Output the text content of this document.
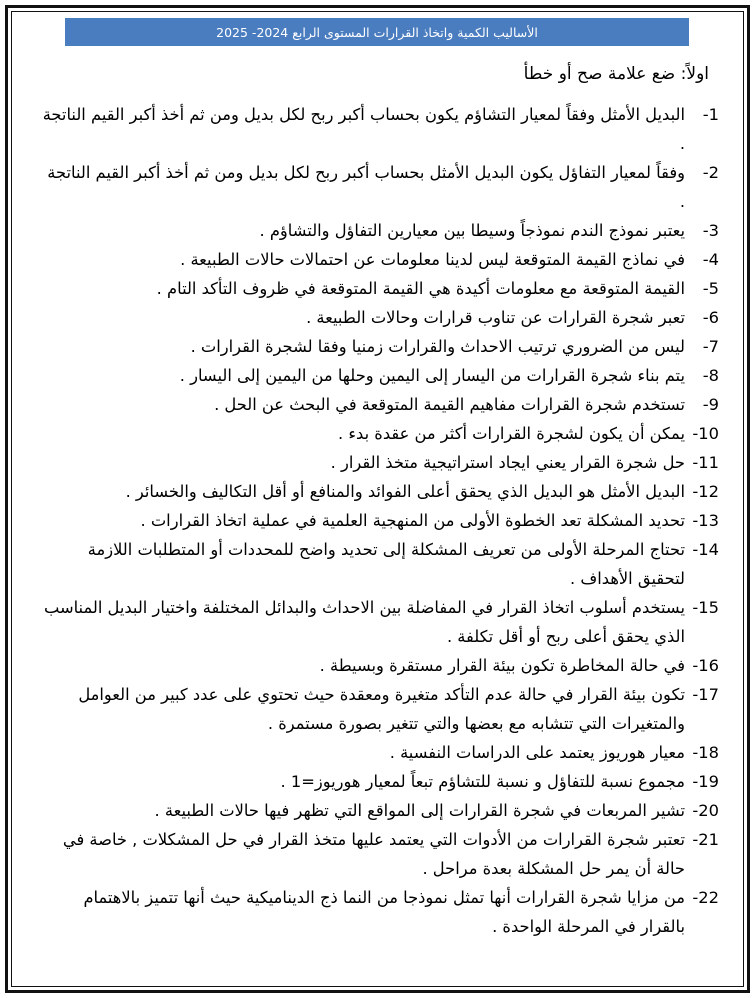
الأساليب الكمية واتخاذ القرارات المستوى الرابع 2024- 2025
اولاً: ضع علامة صح أو خطأ
1-
البديل الأمثل وفقاً لمعيار التشاؤم يكون بحساب أكبر ربح لكل بديل ومن ثم أخذ أكبر القيم الناتجة .
2-
وفقاً لمعيار التفاؤل يكون البديل الأمثل بحساب أكبر ربح لكل بديل ومن ثم أخذ أكبر القيم الناتجة .
3-
يعتبر نموذج الندم نموذجاً وسيطا بين معيارين التفاؤل والتشاؤم .
4-
في نماذج القيمة المتوقعة ليس لدينا معلومات عن احتمالات حالات الطبيعة .
5-
القيمة المتوقعة مع معلومات أكيدة هي القيمة المتوقعة في ظروف التأكد التام .
6-
تعبر شجرة القرارات عن تناوب قرارات وحالات الطبيعة .
7-
ليس من الضروري ترتيب الاحداث والقرارات زمنيا وفقا لشجرة القرارات .
8-
يتم بناء شجرة القرارات من اليسار إلى اليمين وحلها من اليمين إلى اليسار .
9-
تستخدم شجرة القرارات مفاهيم القيمة المتوقعة في البحث عن الحل .
10-
يمكن أن يكون لشجرة القرارات أكثر من عقدة بدء .
11-
حل شجرة القرار يعني ايجاد استراتيجية متخذ القرار .
12-
البديل الأمثل هو البديل الذي يحقق أعلى الفوائد والمنافع أو أقل التكاليف والخسائر .
13-
تحديد المشكلة تعد الخطوة الأولى من المنهجية العلمية في عملية اتخاذ القرارات .
14-
تحتاج المرحلة الأولى من تعريف المشكلة إلى تحديد واضح للمحددات أو المتطلبات اللازمة لتحقيق الأهداف .
15-
يستخدم أسلوب اتخاذ القرار في المفاضلة بين الاحداث والبدائل المختلفة واختيار البديل المناسب الذي يحقق أعلى ربح أو أقل تكلفة .
16-
في حالة المخاطرة تكون بيئة القرار مستقرة وبسيطة .
17-
تكون بيئة القرار في حالة عدم التأكد متغيرة ومعقدة حيث تحتوي على عدد كبير من العوامل والمتغيرات التي تتشابه مع بعضها والتي تتغير بصورة مستمرة .
18-
معيار هوريوز يعتمد على الدراسات النفسية .
19-
مجموع نسبة للتفاؤل و نسبة للتشاؤم تبعاً لمعيار هوريوز=1 .
20-
تشير المربعات في شجرة القرارات إلى المواقع التي تظهر فيها حالات الطبيعة .
21-
تعتبر شجرة القرارات من الأدوات التي يعتمد عليها متخذ القرار في حل المشكلات , خاصة في حالة أن يمر حل المشكلة بعدة مراحل .
22-
من مزايا شجرة القرارات أنها تمثل نموذجا من النما ذج الديناميكية حيث أنها تتميز بالاهتمام بالقرار في المرحلة الواحدة .
